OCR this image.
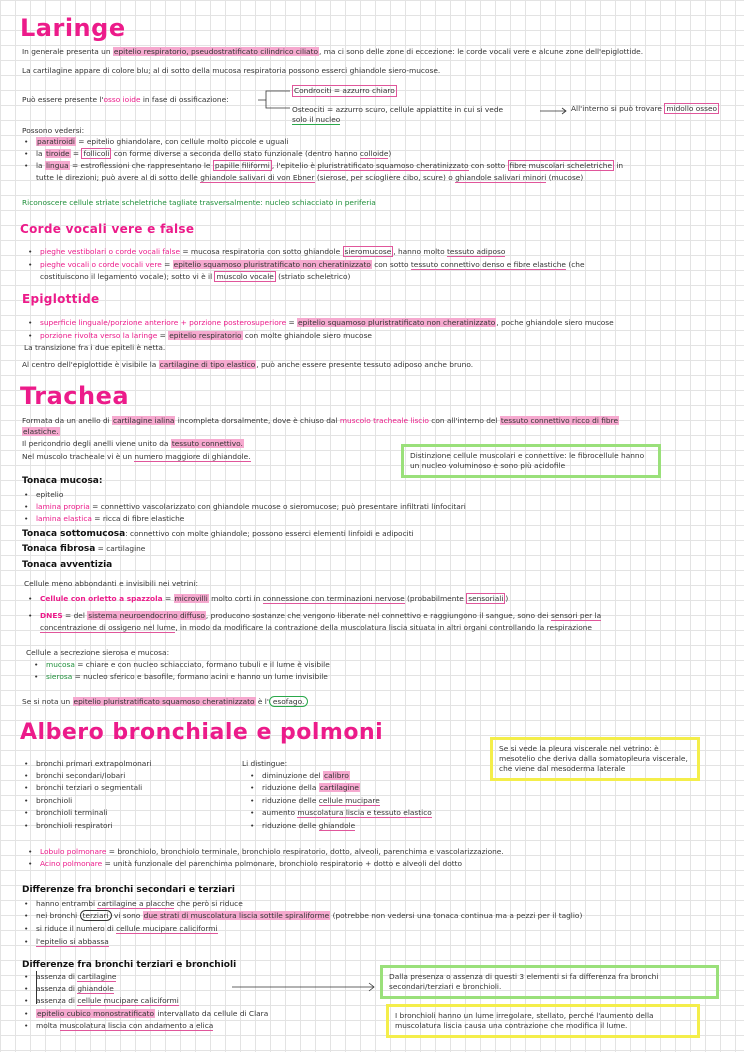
Laringe
In generale presenta un epitelio respiratorio, pseudostratificato cilindrico ciliato, ma ci sono delle zone di eccezione: le corde vocali vere e alcune zone dell'epiglottide.
La cartilagine appare di colore blu; al di sotto della mucosa respiratoria possono esserci ghiandole siero-mucose.
Può essere presente l'osso ioide in fase di ossificazione:
Condrociti = azzurro chiaro
Osteociti = azzurro scuro, cellule appiattite in cui si vede
solo il nucleo
All'interno si può trovare midollo osseo
Possono vedersi:
• paratiroidi = epitelio ghiandolare, con cellule molto piccole e uguali
• la tiroide = follicoli con forme diverse a seconda dello stato funzionale (dentro hanno colloide)
• la lingua = estroflessioni che rappresentano le papille filiformi , l'epitelio è pluristratificato squamoso cheratinizzato con sotto fibre muscolari scheletriche in
tutte le direzioni; può avere al di sotto delle ghiandole salivari di von Ebner (sierose, per sciogliere cibo, scure) o ghiandole salivari minori (mucose)
Riconoscere cellule striate scheletriche tagliate trasversalmente: nucleo schiacciato in periferia
Corde vocali vere e false
• pieghe vestibolari o corde vocali false = mucosa respiratoria con sotto ghiandole sieromucose , hanno molto tessuto adiposo
• pieghe vocali o corde vocali vere = epitelio squamoso pluristratificato non cheratinizzato con sotto tessuto connettivo denso e fibre elastiche (che
costituiscono il legamento vocale); sotto vi è il muscolo vocale (striato scheletrico)
Epiglottide
• superficie linguale/porzione anteriore + porzione posterosuperiore = epitelio squamoso pluristratificato non cheratinizzato, poche ghiandole siero mucose
• porzione rivolta verso la laringe = epitelio respiratorio con molte ghiandole siero mucose
La transizione fra i due epiteli è netta.
Al centro dell'epiglottide è visibile la cartilagine di tipo elastico, può anche essere presente tessuto adiposo anche bruno.
Trachea
Formata da un anello di cartilagine ialina incompleta dorsalmente, dove è chiuso dal muscolo tracheale liscio con all'interno del tessuto connettivo ricco di fibre
elastiche.
Il pericondrio degli anelli viene unito da tessuto connettivo.
Nel muscolo tracheale vi è un numero maggiore di ghiandole.	Distinzione cellule muscolari e connettive: le fibrocellule hanno un nucleo voluminoso e sono più acidofile
Tonaca mucosa:
• epitelio
• lamina propria = connettivo vascolarizzato con ghiandole mucose o sieromucose; può presentare infiltrati linfocitari
• lamina elastica = ricca di fibre elastiche
Tonaca sottomucosa: connettivo con molte ghiandole; possono esserci elementi linfoidi e adipociti
Tonaca fibrosa = cartilagine
Tonaca avventizia
Cellule meno abbondanti e invisibili nei vetrini:
• Cellule con orletto a spazzola = microvilli molto corti in connessione con terminazioni nervose (probabilmente sensoriali )
• DNES = del sistema neuroendocrino diffuso, producono sostanze che vengono liberate nel connettivo e raggiungono il sangue, sono dei sensori per la
concentrazione di ossigeno nel lume, in modo da modificare la contrazione della muscolatura liscia situata in altri organi controllando la respirazione
Cellule a secrezione sierosa e mucosa:
• mucosa = chiare e con nucleo schiacciato, formano tubuli e il lume è visibile
• sierosa = nucleo sferico e basofile, formano acini e hanno un lume invisibile
Se si nota un epitelio pluristratificato squamoso cheratinizzato è l' esofago.
Albero bronchiale e polmoni
Se si vede la pleura viscerale nel vetrino: è mesotelio che deriva dalla somatopleura viscerale, che viene dal mesoderma laterale
• bronchi primari extrapolmonari
• bronchi secondari/lobari
• bronchi terziari o segmentali
• bronchioli
• bronchioli terminali
• bronchioli respiratori
Li distingue:
• diminuzione del calibro
• riduzione della cartilagine
• riduzione delle cellule mucipare
• aumento muscolatura liscia e tessuto elastico
• riduzione delle ghiandole
• Lobulo polmonare = bronchiolo, bronchiolo terminale, bronchiolo respiratorio, dotto, alveoli, parenchima e vascolarizzazione.
• Acino polmonare = unità funzionale del parenchima polmonare, bronchiolo respiratorio + dotto e alveoli del dotto
Differenze fra bronchi secondari e terziari
• hanno entrambi cartilagine a placche che però si riduce
• nei bronchi terziari vi sono due strati di muscolatura liscia sottile spiraliforme (potrebbe non vedersi una tonaca continua ma a pezzi per il taglio)
• si riduce il numero di cellule mucipare caliciformi
• l'epitelio si abbassa
Differenze fra bronchi terziari e bronchioli
• assenza di cartilagine
• assenza di ghiandole
• assenza di cellule mucipare caliciformi
• epitelio cubico monostratificato intervallato da cellule di Clara
• molta muscolatura liscia con andamento a elica
Dalla presenza o assenza di questi 3 elementi si fa differenza fra bronchi secondari/terziari e bronchioli.
I bronchioli hanno un lume irregolare, stellato, perché l'aumento della muscolatura liscia causa una contrazione che modifica il lume.
